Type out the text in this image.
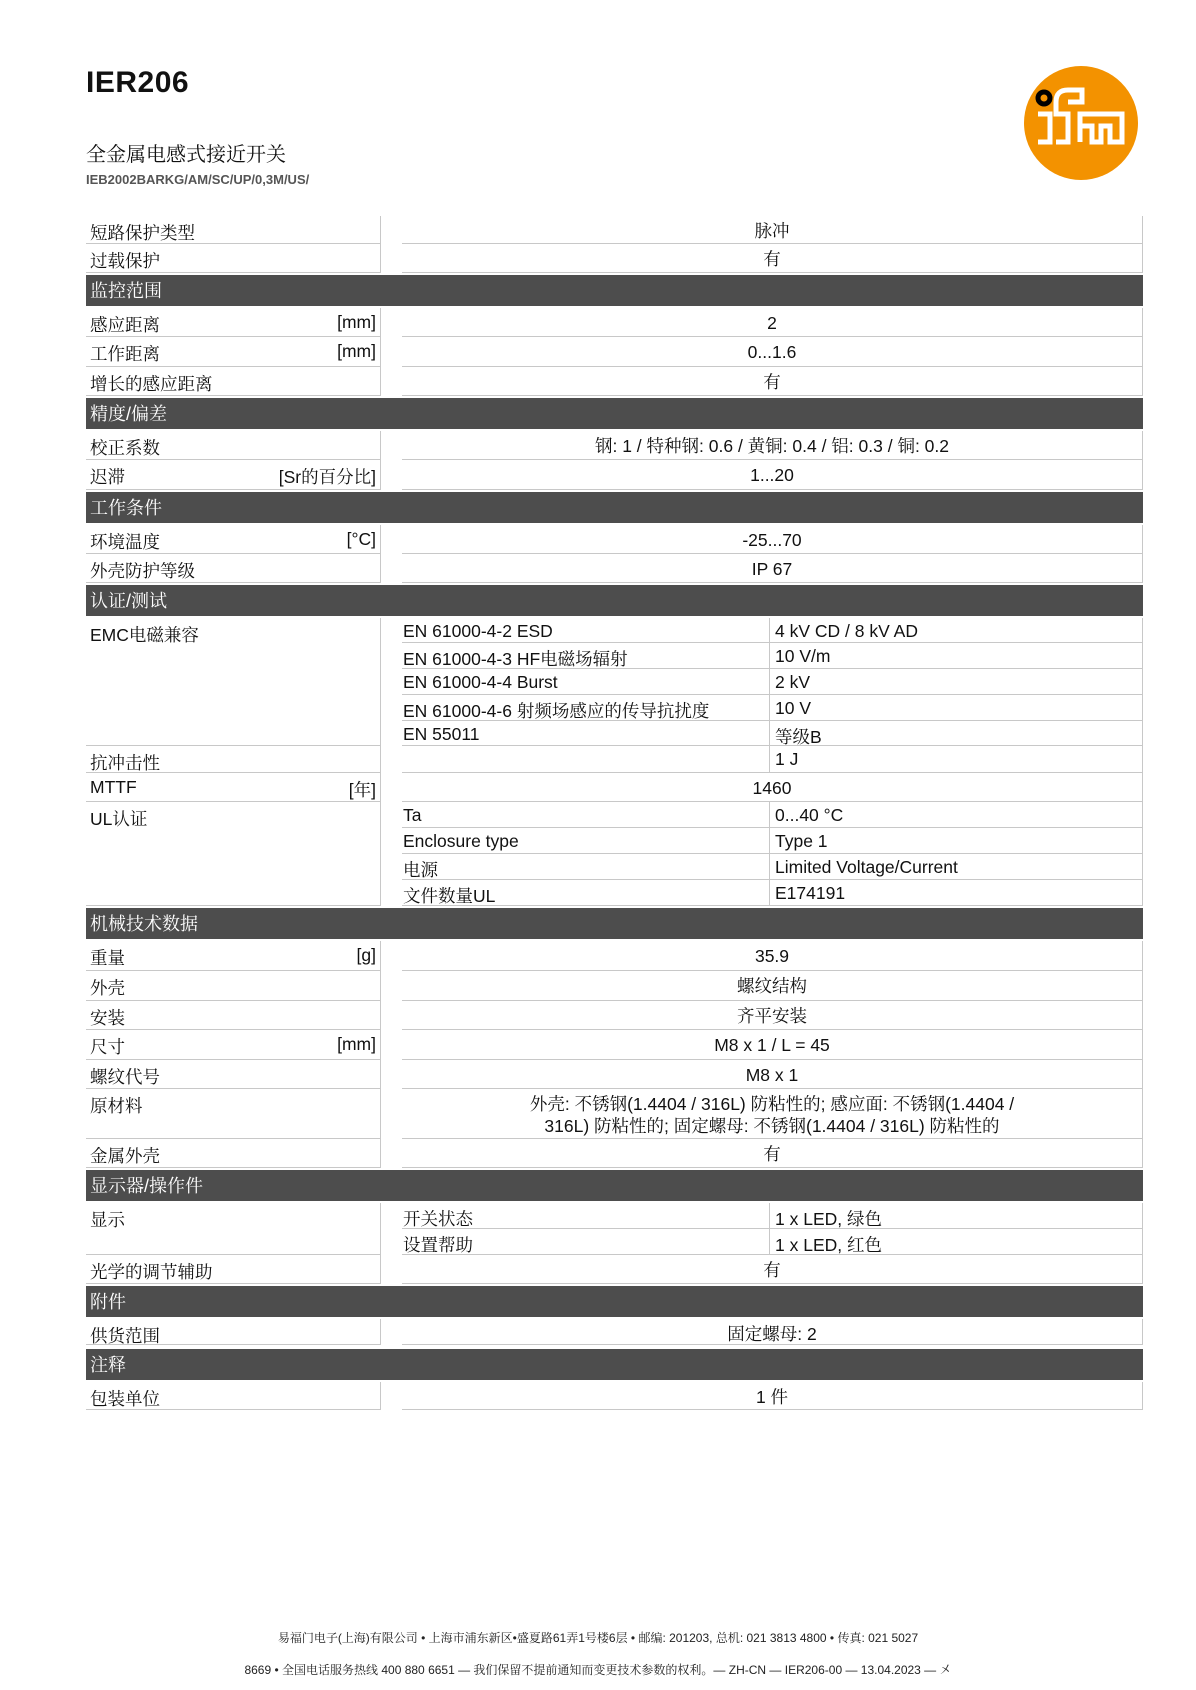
IER206
全金属电感式接近开关
IEB2002BARKG/AM/SC/UP/0,3M/US/
短路保护类型	脉冲
过载保护	有
监控范围
感应距离	[mm]	2
工作距离	[mm]	0...1.6
增长的感应距离	有
精度/偏差
校正系数	钢: 1 / 特种钢: 0.6 / 黄铜: 0.4 / 铝: 0.3 / 铜: 0.2
迟滞	[Sr的百分比]	1...20
工作条件
环境温度	[°C]	-25...70
外壳防护等级	IP 67
认证/测试
EMC电磁兼容	EN 61000-4-2 ESD	4 kV CD / 8 kV AD
EN 61000-4-3 HF电磁场辐射	10 V/m
EN 61000-4-4 Burst	2 kV
EN 61000-4-6 射频场感应的传导抗扰度	10 V
EN 55011	等级B
抗冲击性	1 J
MTTF	[年]	1460
UL认证	Ta	0...40 °C
Enclosure type	Type 1
电源	Limited Voltage/Current
文件数量UL	E174191
机械技术数据
重量	[g]	35.9
外壳	螺纹结构
安装	齐平安装
尺寸	[mm]	M8 x 1 / L = 45
螺纹代号	M8 x 1
原材料	外壳: 不锈钢(1.4404 / 316L) 防粘性的; 感应面: 不锈钢(1.4404 /
316L) 防粘性的; 固定螺母: 不锈钢(1.4404 / 316L) 防粘性的
金属外壳	有
显示器/操作件
显示	开关状态	1 x LED, 绿色
设置帮助	1 x LED, 红色
光学的调节辅助	有
附件
供货范围	固定螺母: 2
注释
包装单位	1 件
易福门电子(上海)有限公司 • 上海市浦东新区•盛夏路61弄1号楼6层 • 邮编: 201203, 总机: 021 3813 4800 • 传真: 021 5027
8669 • 全国电话服务热线 400 880 6651 — 我们保留不提前通知而变更技术参数的权利。— ZH-CN — IER206-00 — 13.04.2023 — 㐅
